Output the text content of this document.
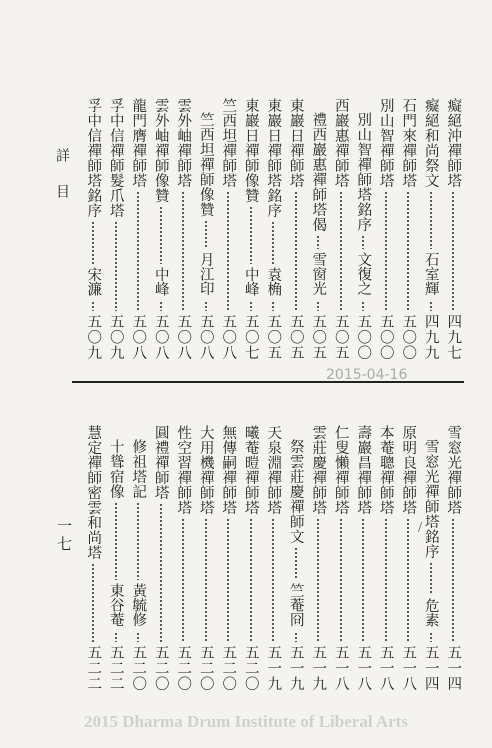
詳目	癡絕沖禪師塔
四九七
癡絕和尚祭文
石室輝
四九九
石門來禪師塔
五〇〇
別山智禪師塔
五〇〇
別山智禪師塔銘序
文復之
五〇〇
西巖惠禪師塔
五〇五
禮西巖惠禪師塔偈
雪窗光
五〇五
東巖日禪師塔
五〇五
東巖日禪師塔銘序
袁桷
五〇五
東巖日禪師像贊
中峰
五〇七
竺西坦禪師塔
五〇八
竺西坦禪師像贊
月江印
五〇八
雲外岫禪師塔
五〇八
雲外岫禪師像贊
中峰
五〇八
龍門膺禪師塔
五〇八
孚中信禪師髮爪塔
五〇九
孚中信禪師塔銘序
宋濂
五〇九
2015-04-16
雪窓光禪師塔
五一四
雪窓光禪師塔銘序
危素
五一四
原明良禪師塔
五一八
本菴聰禪師塔
五一八
壽巖昌禪師塔
五一八
仁叟懶禪師塔
五一八
雲莊慶禪師塔
五一九
祭雲莊慶禪師文
竺菴冏
五一九
天泉淵禪師塔
五一九
曦菴暟禪師塔
五二〇
無傳嗣禪師塔
五二〇
大用機禪師塔
五二〇
性空習禪師塔
五二〇
圓禮禪師塔
五二〇
修祖塔記
黃毓修
五二〇
十聳宿像
東谷菴
五二二
慧定禪師密雲和尚塔
五二二
一七	/
2015 Dharma Drum Institute of Liberal Arts
